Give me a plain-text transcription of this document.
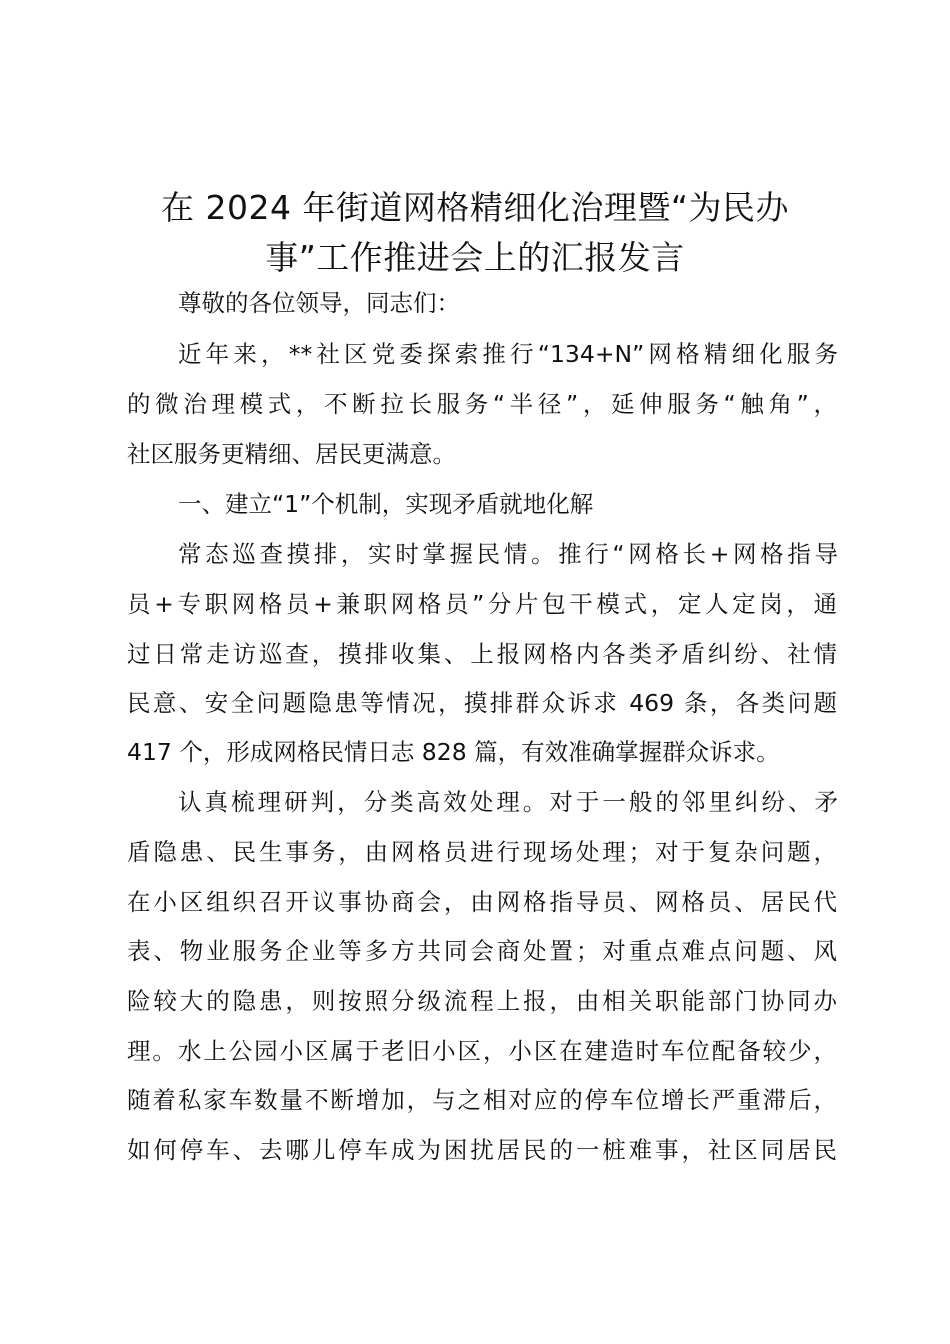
在 2024 年街道网格精细化治理暨“为民办
事”工作推进会上的汇报发言
尊敬的各位领导，同志们：
近年来，**社区党委探索推行“134+N”网格精细化服务
的微治理模式，不断拉长服务“半径”，延伸服务“触角”，
社区服务更精细、居民更满意。
一、建立“1”个机制，实现矛盾就地化解
常态巡查摸排，实时掌握民情。推行“网格长+网格指导
员+专职网格员+兼职网格员”分片包干模式，定人定岗，通
过日常走访巡查，摸排收集、上报网格内各类矛盾纠纷、社情
民意、安全问题隐患等情况，摸排群众诉求 469 条，各类问题
417 个，形成网格民情日志 828 篇，有效准确掌握群众诉求。
认真梳理研判，分类高效处理。对于一般的邻里纠纷、矛
盾隐患、民生事务，由网格员进行现场处理；对于复杂问题，
在小区组织召开议事协商会，由网格指导员、网格员、居民代
表、物业服务企业等多方共同会商处置；对重点难点问题、风
险较大的隐患，则按照分级流程上报，由相关职能部门协同办
理。水上公园小区属于老旧小区，小区在建造时车位配备较少，
随着私家车数量不断增加，与之相对应的停车位增长严重滞后，
如何停车、去哪儿停车成为困扰居民的一桩难事，社区同居民
